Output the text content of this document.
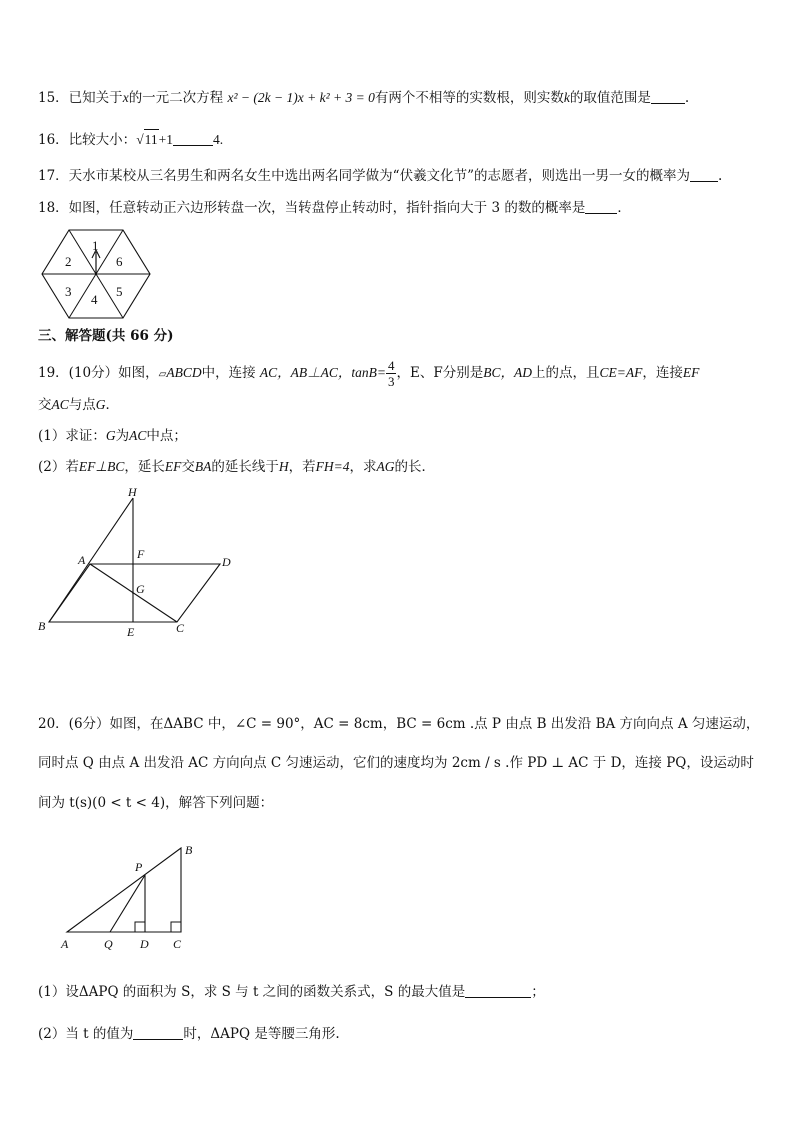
15．已知关于x的一元二次方程 x² − (2k − 1)x + k² + 3 = 0有两个不相等的实数根，则实数k的取值范围是	.
16．比较大小：√11+1	4.
17．天水市某校从三名男生和两名女生中选出两名同学做为“伏羲文化节”的志愿者，则选出一男一女的概率为 .
18．如图，任意转动正六边形转盘一次，当转盘停止转动时，指针指向大于 3 的数的概率是 ．
1
6
5
4
3
2
三、解答题(共 66 分)
19．(10分）如图，▱ABCD中，连接 AC，AB⊥AC，$\tan B= \frac{4}{3}$ ，E、F分别是BC，AD上的点，且CE=AF，连接EF
交AC与点G．
(1）求证：G为AC中点；
(2）若EF⊥BC，延长EF交BA的延长线于H，若FH=4，求AG的长．
H
A	F
D
G
B	E	C
20．(6分）如图，在ΔABC 中，∠C = 90°，AC = 8cm，BC = 6cm .点 P 由点 B 出发沿 BA 方向向点 A 匀速运动，
同时点 Q 由点 A 出发沿 AC 方向向点 C 匀速运动，它们的速度均为 2cm / s .作 PD ⊥ AC 于 D，连接 PQ，设运动时
间为 t(s)(0 < t < 4)，解答下列问题：
B
P
A	Q D C
(1）设ΔAPQ 的面积为 S，求 S 与 t 之间的函数关系式，S 的最大值是	；
(2）当 t 的值为	时，ΔAPQ 是等腰三角形.
